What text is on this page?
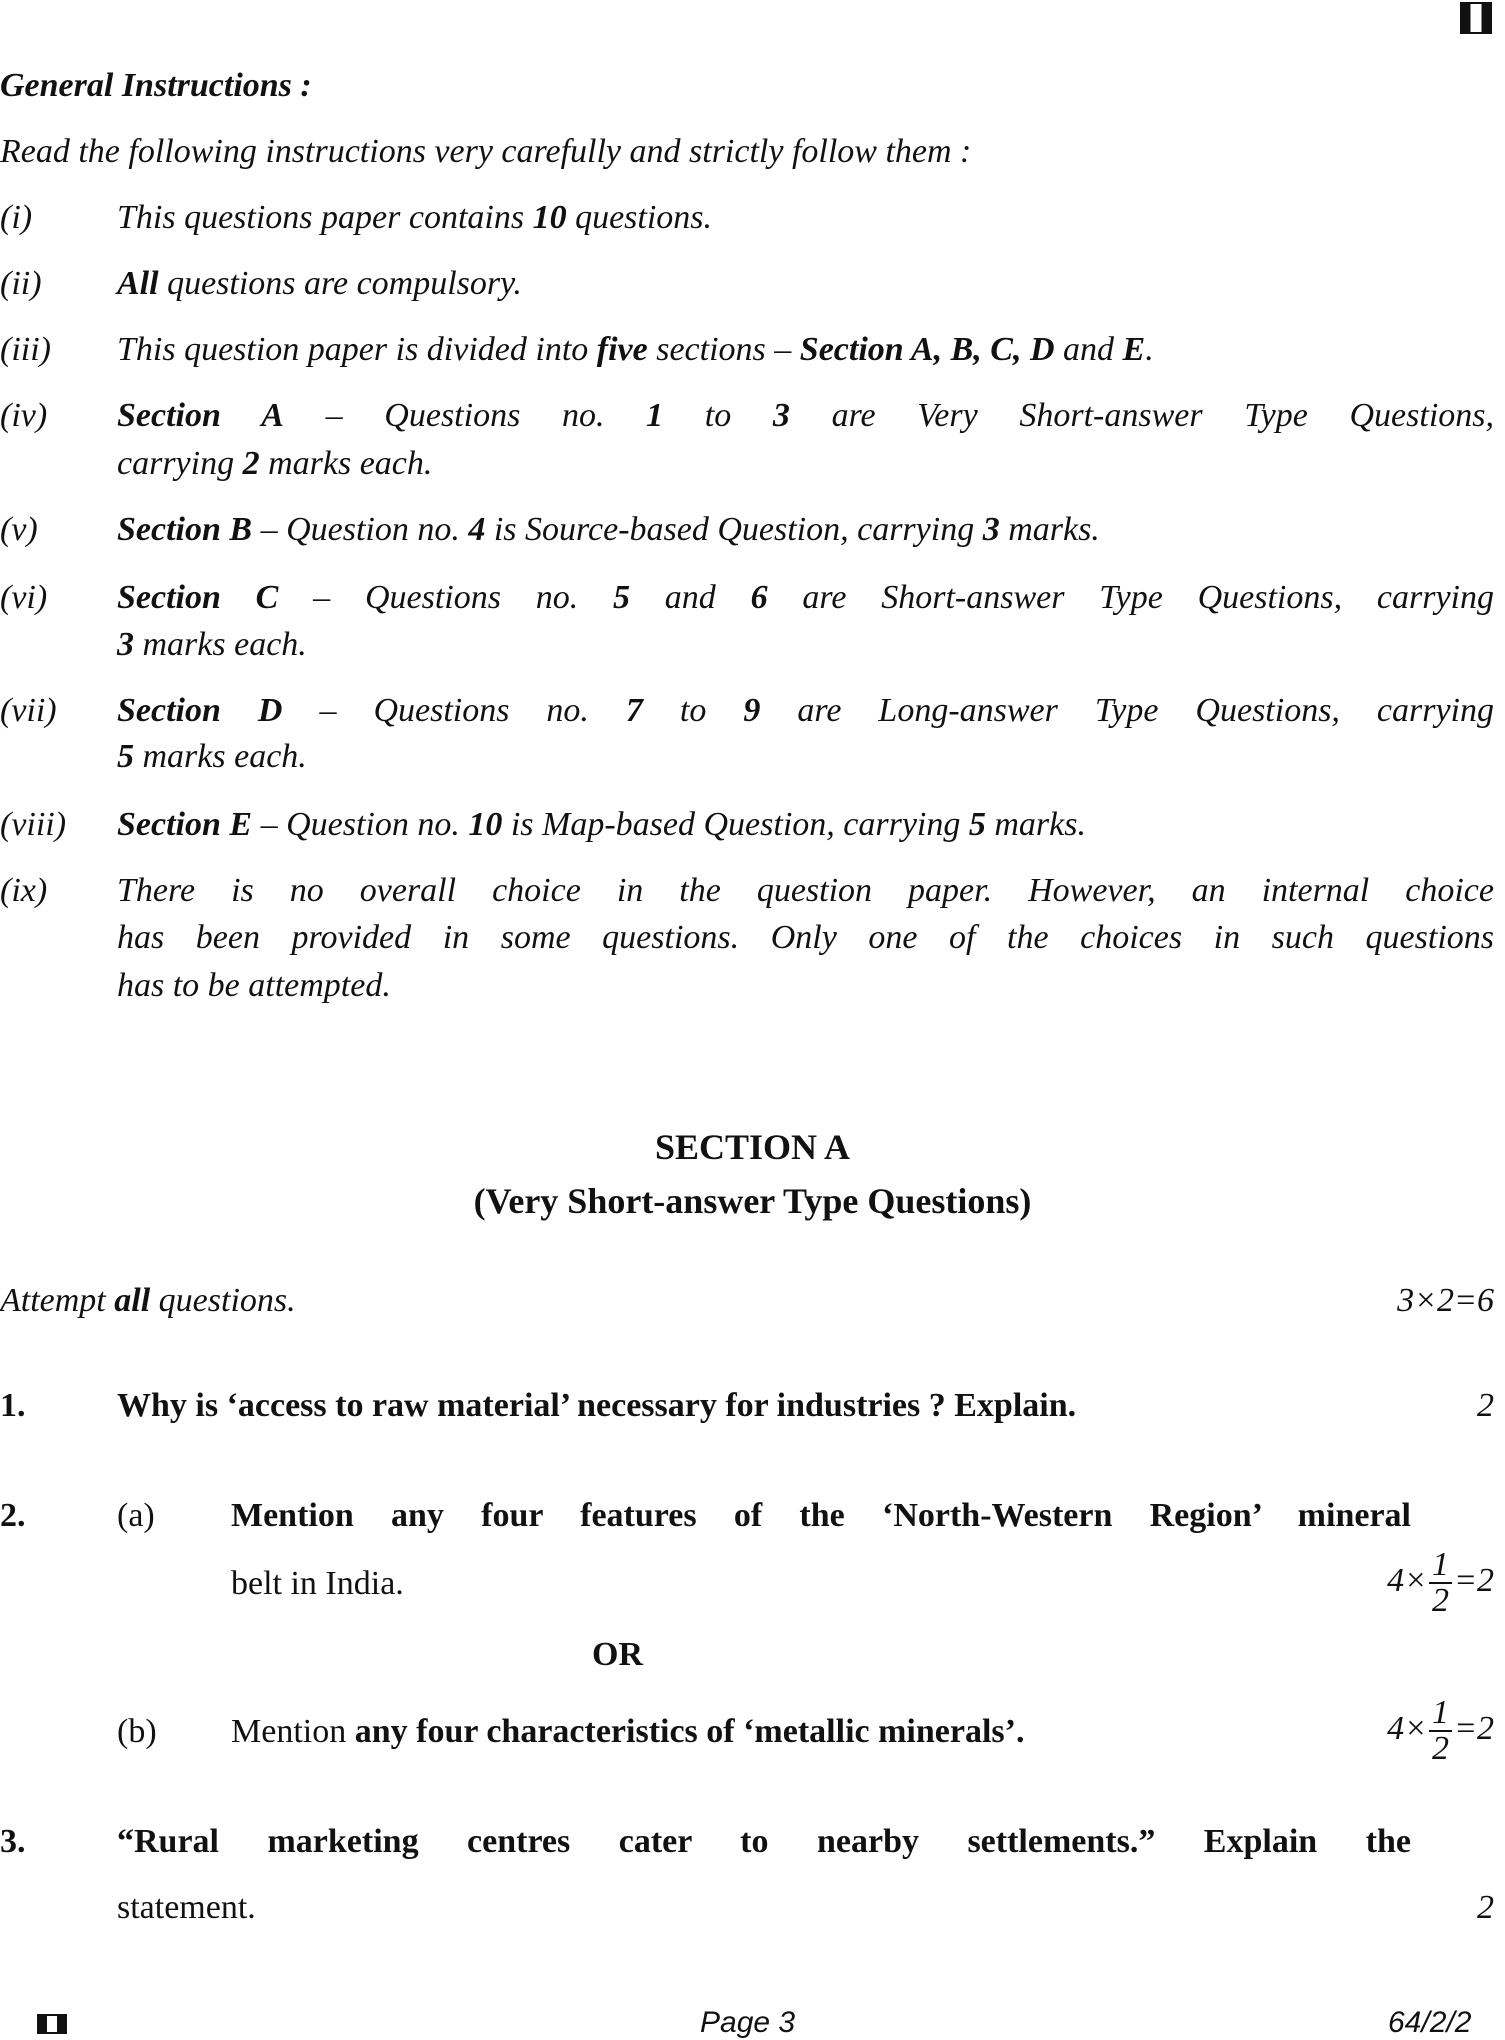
General Instructions :
Read the following instructions very carefully and strictly follow them :
(i) This questions paper contains 10 questions.
(ii) All questions are compulsory.
(iii) This question paper is divided into five sections – Section A, B, C, D and E.
(iv) Section A – Questions no. 1 to 3 are Very Short-answer Type Questions,
carrying 2 marks each.
(v) Section B – Question no. 4 is Source-based Question, carrying 3 marks.
(vi) Section C – Questions no. 5 and 6 are Short-answer Type Questions, carrying
3 marks each.
(vii) Section D – Questions no. 7 to 9 are Long-answer Type Questions, carrying
5 marks each.
(viii) Section E – Question no. 10 is Map-based Question, carrying 5 marks.
(ix) There is no overall choice in the question paper. However, an internal choice
has been provided in some questions. Only one of the choices in such questions
has to be attempted.
SECTION A
(Very Short-answer Type Questions)
Attempt all questions.	3×2=6
1.	Why is ‘access to raw material’ necessary for industries ? Explain.	2
2.	(a) Mention any four features of the ‘North-Western Region’ mineral
belt in India.	$4\times \frac{1}{2} =2$
OR
(b) Mention any four characteristics of ‘metallic minerals’.	$4\times \frac{1}{2} =2$
3.	“Rural marketing centres cater to nearby settlements.” Explain the
statement.	2
Page 3	64/2/2
